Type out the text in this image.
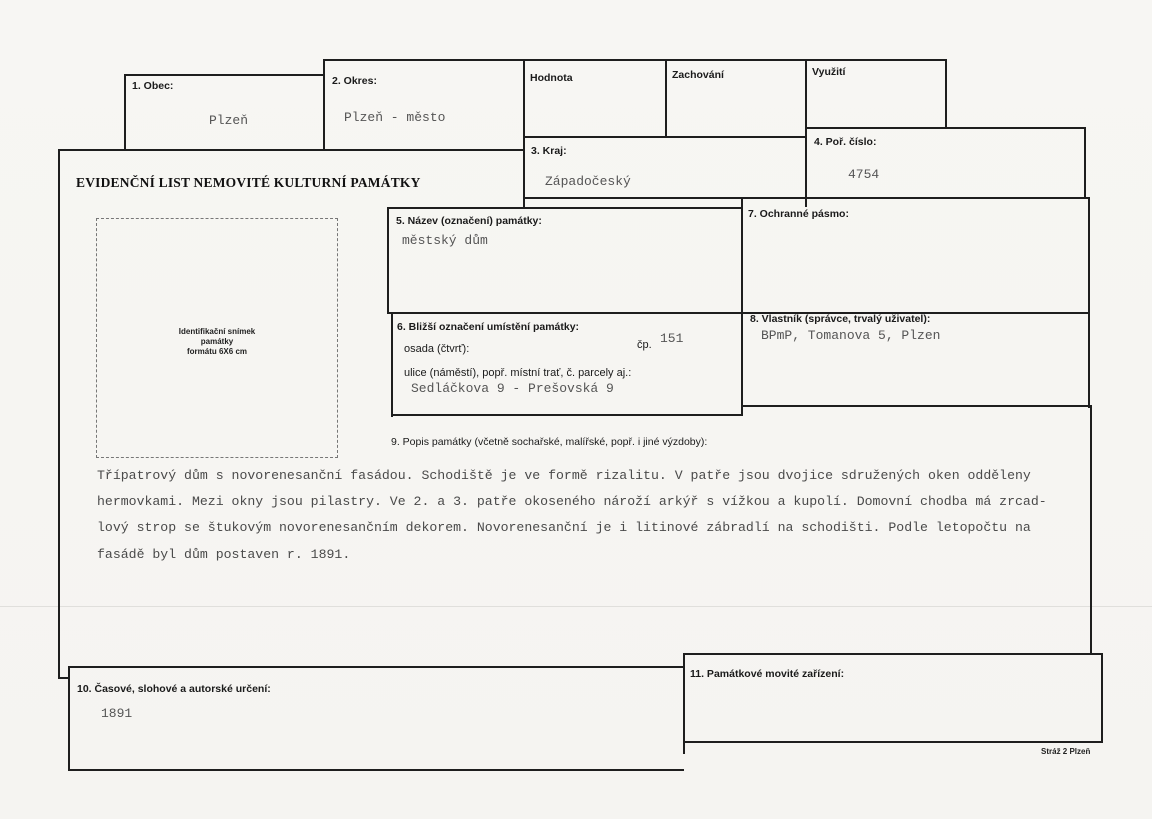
1. Obec:
Plzeň
2. Okres:
Plzeň - město
Hodnota	Zachování	Využití
3. Kraj:
Západočeský
4. Poř. číslo:
4754
EVIDENČNÍ LIST NEMOVITÉ KULTURNÍ PAMÁTKY
Identifikační snímek
památky
formátu 6X6 cm
5. Název (označení) památky:
městský dům
7. Ochranné pásmo:
6. Bližší označení umístění památky:
osada (čtvrť):	čp. 151
ulice (náměstí), popř. místní trať, č. parcely aj.:
Sedláčkova 9 - Prešovská 9
8. Vlastník (správce, trvalý uživatel):
BPmP, Tomanova 5, Plzen
9. Popis památky (včetně sochařské, malířské, popř. i jiné výzdoby):
Třípatrový dům s novorenesanční fasádou. Schodiště je ve formě rizalitu. V patře jsou dvojice sdružených oken odděleny
hermovkami. Mezi okny jsou pilastry. Ve 2. a 3. patře okoseného nároží arkýř s vížkou a kupolí. Domovní chodba má zrcad-
lový strop se štukovým novorenesančním dekorem. Novorenesanční je i litinové zábradlí na schodišti. Podle letopočtu na
fasádě byl dům postaven r. 1891.
10. Časové, slohové a autorské určení:
1891
11. Památkové movité zařízení:
Stráž 2 Plzeň
